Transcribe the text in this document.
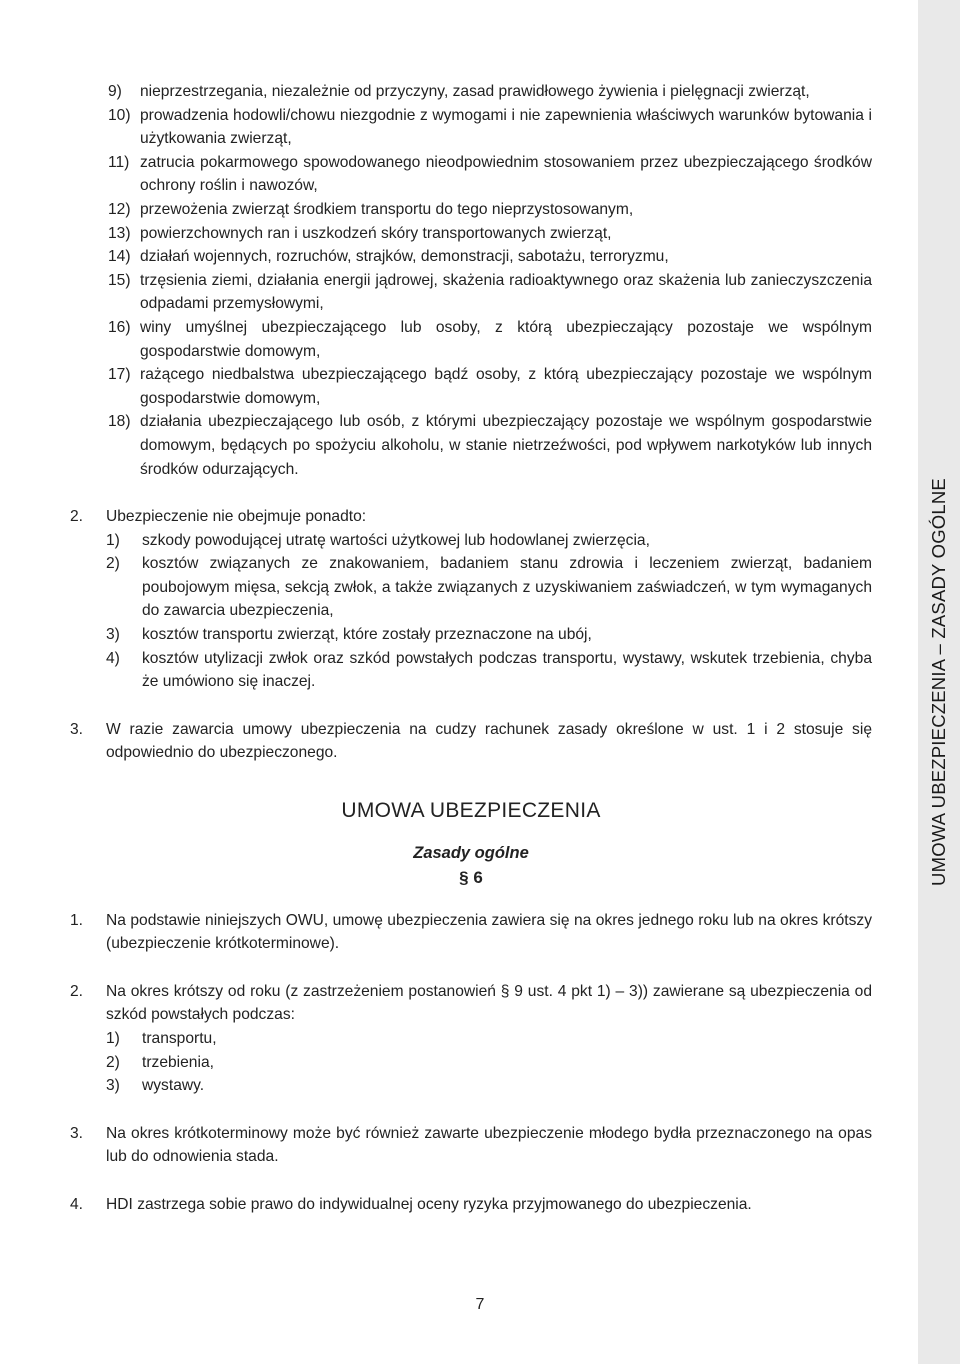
UMOWA UBEZPIECZENIA – ZASADY OGÓLNE
9)	nieprzestrzegania, niezależnie od przyczyny, zasad prawidłowego żywienia i pielęgnacji zwierząt,
10) prowadzenia hodowli/chowu niezgodnie z wymogami i nie zapewnienia właściwych warunków bytowania i użytkowania zwierząt,
11) zatrucia pokarmowego spowodowanego nieodpowiednim stosowaniem przez ubezpieczającego środków ochrony roślin i nawozów,
12) przewożenia zwierząt środkiem transportu do tego nieprzystosowanym,
13) powierzchownych ran i uszkodzeń skóry transportowanych zwierząt,
14) działań wojennych, rozruchów, strajków, demonstracji, sabotażu, terroryzmu,
15) trzęsienia ziemi, działania energii jądrowej, skażenia radioaktywnego oraz skażenia lub zanieczyszczenia odpadami przemysłowymi,
16) winy umyślnej ubezpieczającego lub osoby, z którą ubezpieczający pozostaje we wspólnym gospodarstwie domowym,
17) rażącego niedbalstwa ubezpieczającego bądź osoby, z którą ubezpieczający pozostaje we wspólnym gospodarstwie domowym,
18) działania ubezpieczającego lub osób, z którymi ubezpieczający pozostaje we wspólnym gospodarstwie domowym, będących po spożyciu alkoholu, w stanie nietrzeźwości, pod wpływem narkotyków lub innych środków odurzających.
2.	Ubezpieczenie nie obejmuje ponadto:
1)	szkody powodującej utratę wartości użytkowej lub hodowlanej zwierzęcia,
2)	kosztów związanych ze znakowaniem, badaniem stanu zdrowia i leczeniem zwierząt, badaniem poubojowym mięsa, sekcją zwłok, a także związanych z uzyskiwaniem zaświadczeń, w tym wymaganych do zawarcia ubezpieczenia,
3)	kosztów transportu zwierząt, które zostały przeznaczone na ubój,
4)	kosztów utylizacji zwłok oraz szkód powstałych podczas transportu, wystawy, wskutek trzebienia, chyba że umówiono się inaczej.
3.	W razie zawarcia umowy ubezpieczenia na cudzy rachunek zasady określone w ust. 1 i 2 stosuje się odpowiednio do ubezpieczonego.
UMOWA UBEZPIECZENIA
Zasady ogólne
§ 6
1.	Na podstawie niniejszych OWU, umowę ubezpieczenia zawiera się na okres jednego roku lub na okres krótszy (ubezpieczenie krótkoterminowe).
2.	Na okres krótszy od roku (z zastrzeżeniem postanowień § 9 ust. 4 pkt 1) – 3)) zawierane są ubezpieczenia od szkód powstałych podczas:
1)	transportu,
2)	trzebienia,
3)	wystawy.
3.	Na okres krótkoterminowy może być również zawarte ubezpieczenie młodego bydła przeznaczonego na opas lub do odnowienia stada.
4.	HDI zastrzega sobie prawo do indywidualnej oceny ryzyka przyjmowanego do ubezpieczenia.
7
